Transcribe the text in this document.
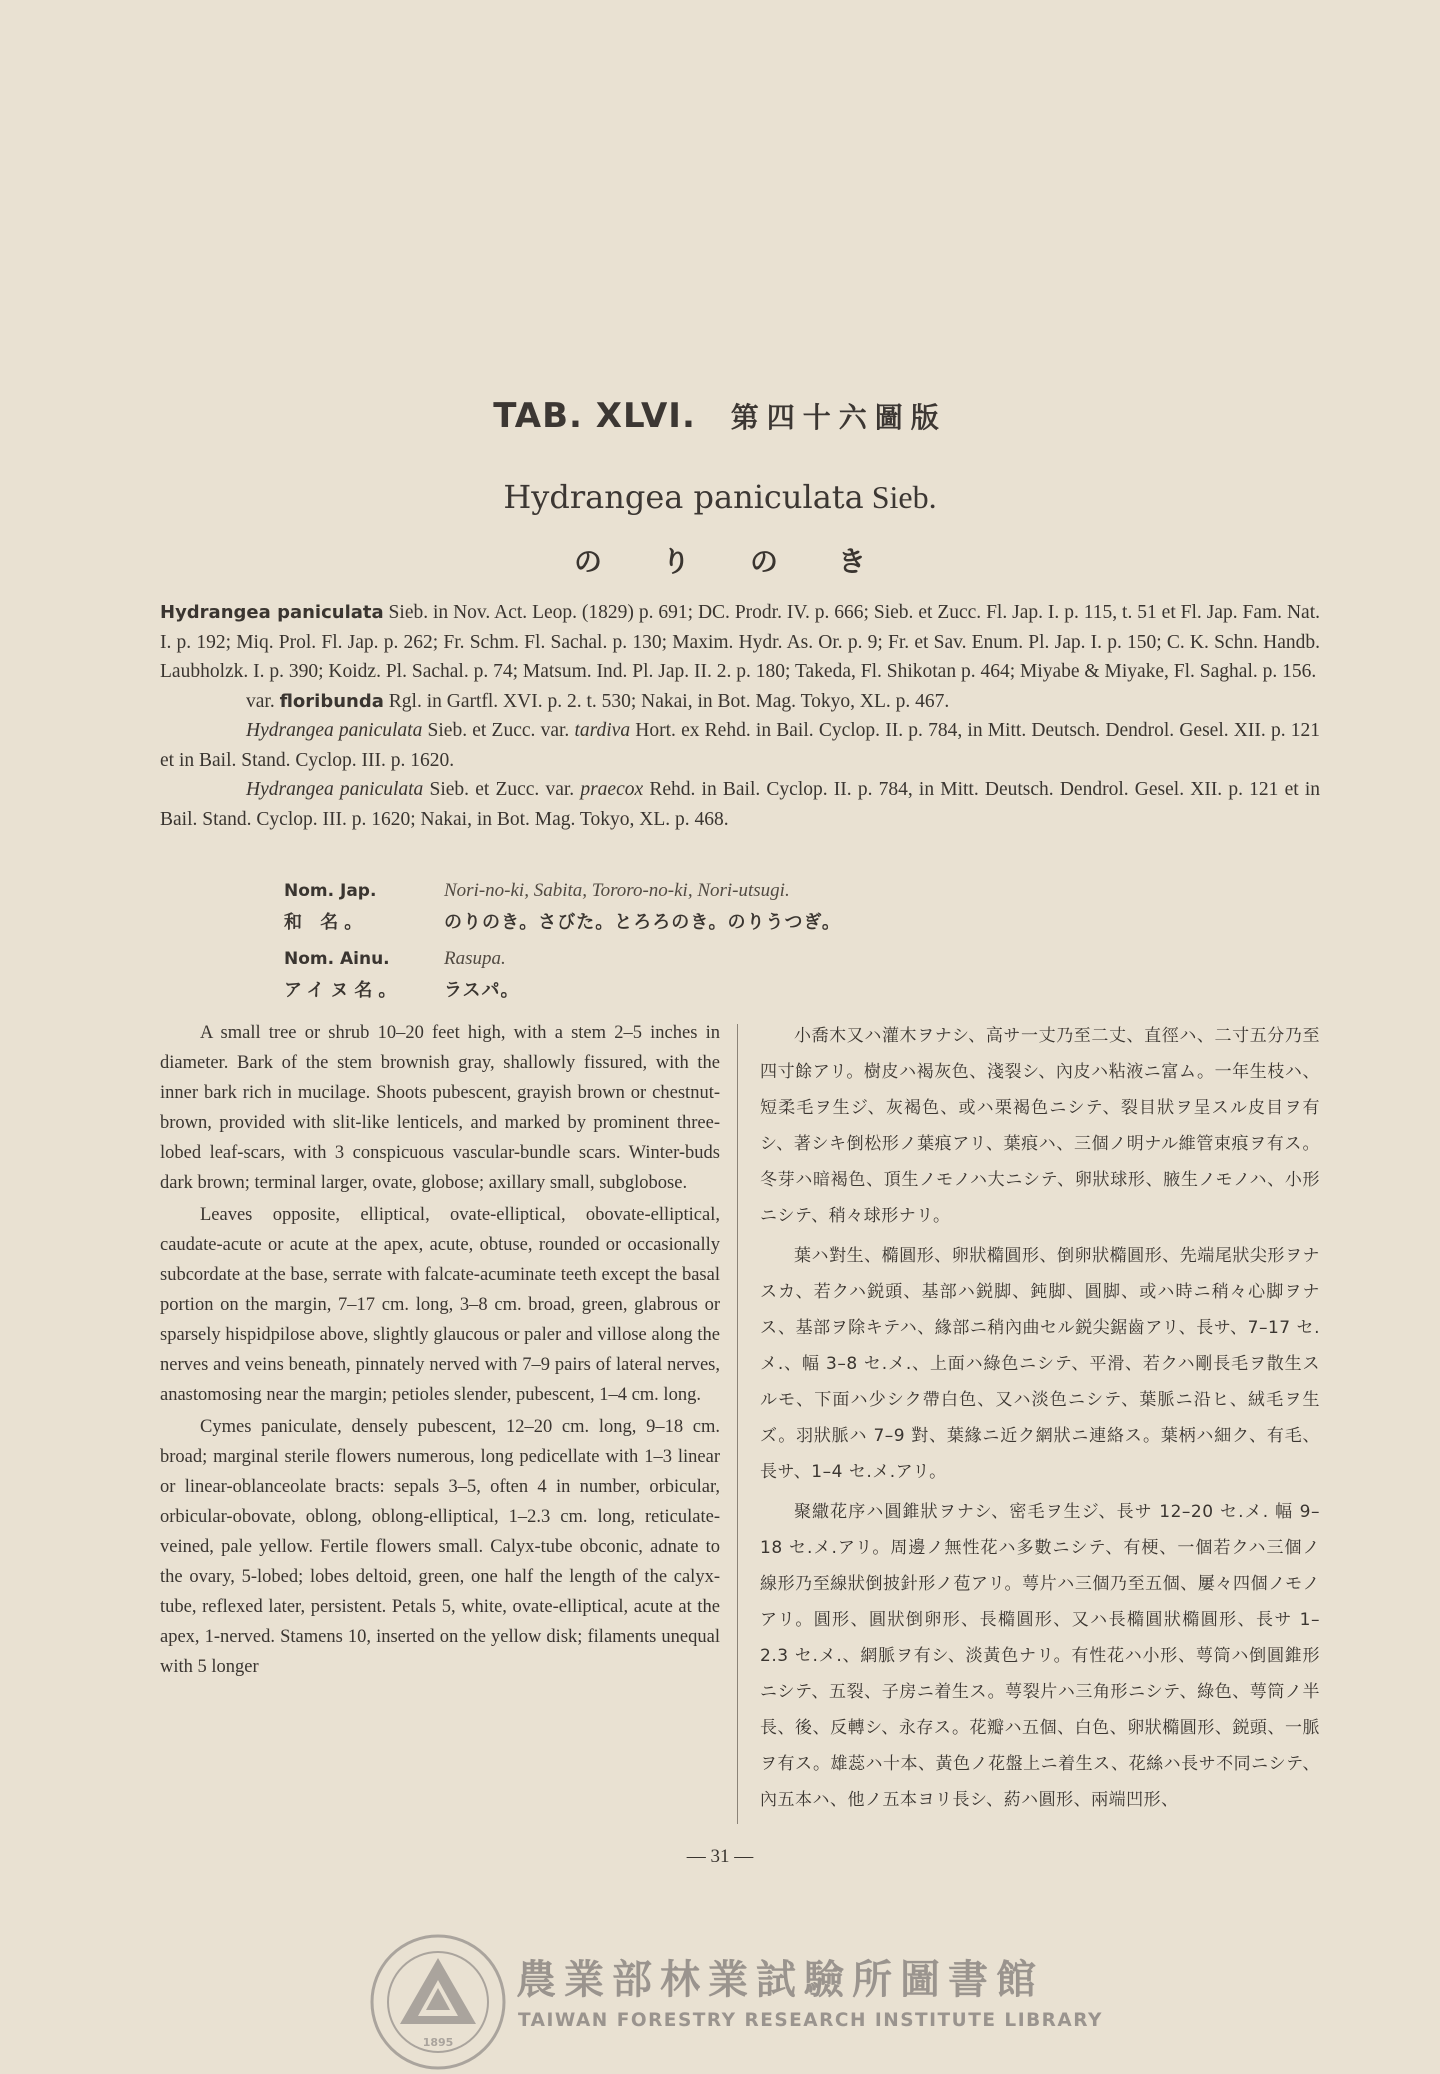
TAB. XLVI. 第四十六圖版
Hydrangea paniculata Sieb.
のりのき

Hydrangea paniculata Sieb. in Nov. Act. Leop. (1829) p. 691; DC. Prodr. IV. p. 666; Sieb. et Zucc. Fl. Jap. I. p. 115, t. 51 et Fl. Jap. Fam. Nat. I. p. 192; Miq. Prol. Fl. Jap. p. 262; Fr. Schm. Fl. Sachal. p. 130; Maxim. Hydr. As. Or. p. 9; Fr. et Sav. Enum. Pl. Jap. I. p. 150; C. K. Schn. Handb. Laubholzk. I. p. 390; Koidz. Pl. Sachal. p. 74; Matsum. Ind. Pl. Jap. II. 2. p. 180; Takeda, Fl. Shikotan p. 464; Miyabe & Miyake, Fl. Saghal. p. 156.

var. floribunda Rgl. in Gartfl. XVI. p. 2. t. 530; Nakai, in Bot. Mag. Tokyo, XL. p. 467.

Hydrangea paniculata Sieb. et Zucc. var. tardiva Hort. ex Rehd. in Bail. Cyclop. II. p. 784, in Mitt. Deutsch. Dendrol. Gesel. XII. p. 121 et in Bail. Stand. Cyclop. III. p. 1620.

Hydrangea paniculata Sieb. et Zucc. var. praecox Rehd. in Bail. Cyclop. II. p. 784, in Mitt. Deutsch. Dendrol. Gesel. XII. p. 121 et in Bail. Stand. Cyclop. III. p. 1620; Nakai, in Bot. Mag. Tokyo, XL. p. 468.

Nom. Jap.	Nori-no-ki, Sabita, Tororo-no-ki, Nori-utsugi.
和 名。	のりのき。さびた。とろろのき。のりうつぎ。
Nom. Ainu.	Rasupa.
アイヌ名。 ラスパ。

A small tree or shrub 10–20 feet high, with a stem 2–5 inches in diameter. Bark of the stem brownish gray, shallowly fissured, with the inner bark rich in mucilage. Shoots pubescent, grayish brown or chestnut-brown, provided with slit-like lenticels, and marked by prominent three-lobed leaf-scars, with 3 conspicuous vascular-bundle scars. Winter-buds dark brown; terminal larger, ovate, globose; axillary small, subglobose.

Leaves opposite, elliptical, ovate-elliptical, obovate-elliptical, caudate-acute or acute at the apex, acute, obtuse, rounded or occasionally subcordate at the base, serrate with falcate-acuminate teeth except the basal portion on the margin, 7–17 cm. long, 3–8 cm. broad, green, glabrous or sparsely hispidpilose above, slightly glaucous or paler and villose along the nerves and veins beneath, pinnately nerved with 7–9 pairs of lateral nerves, anastomosing near the margin; petioles slender, pubescent, 1–4 cm. long.

Cymes paniculate, densely pubescent, 12–20 cm. long, 9–18 cm. broad; marginal sterile flowers numerous, long pedicellate with 1–3 linear or linear-oblanceolate bracts: sepals 3–5, often 4 in number, orbicular, orbicular-obovate, oblong, oblong-elliptical, 1–2.3 cm. long, reticulate-veined, pale yellow. Fertile flowers small. Calyx-tube obconic, adnate to the ovary, 5-lobed; lobes deltoid, green, one half the length of the calyx-tube, reflexed later, persistent. Petals 5, white, ovate-elliptical, acute at the apex, 1-nerved. Stamens 10, inserted on the yellow disk; filaments unequal with 5 longer

小喬木又ハ灌木ヲナシ、高サ一丈乃至二丈、直徑ハ、二寸五分乃至四寸餘アリ。樹皮ハ褐灰色、淺裂シ、內皮ハ粘液ニ富ム。一年生枝ハ、短柔毛ヲ生ジ、灰褐色、或ハ栗褐色ニシテ、裂目狀ヲ呈スル皮目ヲ有シ、著シキ倒松形ノ葉痕アリ、葉痕ハ、三個ノ明ナル維管束痕ヲ有ス。冬芽ハ暗褐色、頂生ノモノハ大ニシテ、卵狀球形、腋生ノモノハ、小形ニシテ、稍々球形ナリ。

葉ハ對生、橢圓形、卵狀橢圓形、倒卵狀橢圓形、先端尾狀尖形ヲナスカ、若クハ鋭頭、基部ハ鋭脚、鈍脚、圓脚、或ハ時ニ稍々心脚ヲナス、基部ヲ除キテハ、緣部ニ稍內曲セル鋭尖鋸齒アリ、長サ、7–17 セ.メ.、幅 3–8 セ.メ.、上面ハ綠色ニシテ、平滑、若クハ剛長毛ヲ散生スルモ、下面ハ少シク帶白色、又ハ淡色ニシテ、葉脈ニ沿ヒ、絨毛ヲ生ズ。羽狀脈ハ 7–9 對、葉緣ニ近ク網狀ニ連絡ス。葉柄ハ細ク、有毛、長サ、1–4 セ.メ.アリ。

聚繖花序ハ圓錐狀ヲナシ、密毛ヲ生ジ、長サ 12–20 セ.メ. 幅 9–18 セ.メ.アリ。周邊ノ無性花ハ多數ニシテ、有梗、一個若クハ三個ノ線形乃至線狀倒披針形ノ苞アリ。萼片ハ三個乃至五個、屢々四個ノモノアリ。圓形、圓狀倒卵形、長橢圓形、又ハ長橢圓狀橢圓形、長サ 1–2.3 セ.メ.、網脈ヲ有シ、淡黃色ナリ。有性花ハ小形、萼筒ハ倒圓錐形ニシテ、五裂、子房ニ着生ス。萼裂片ハ三角形ニシテ、綠色、萼筒ノ半長、後、反轉シ、永存ス。花瓣ハ五個、白色、卵狀橢圓形、鋭頭、一脈ヲ有ス。雄蕊ハ十本、黃色ノ花盤上ニ着生ス、花絲ハ長サ不同ニシテ、內五本ハ、他ノ五本ヨリ長シ、葯ハ圓形、兩端凹形、

— 31 —
1895
農業部林業試驗所圖書館
TAIWAN FORESTRY RESEARCH INSTITUTE LIBRARY
